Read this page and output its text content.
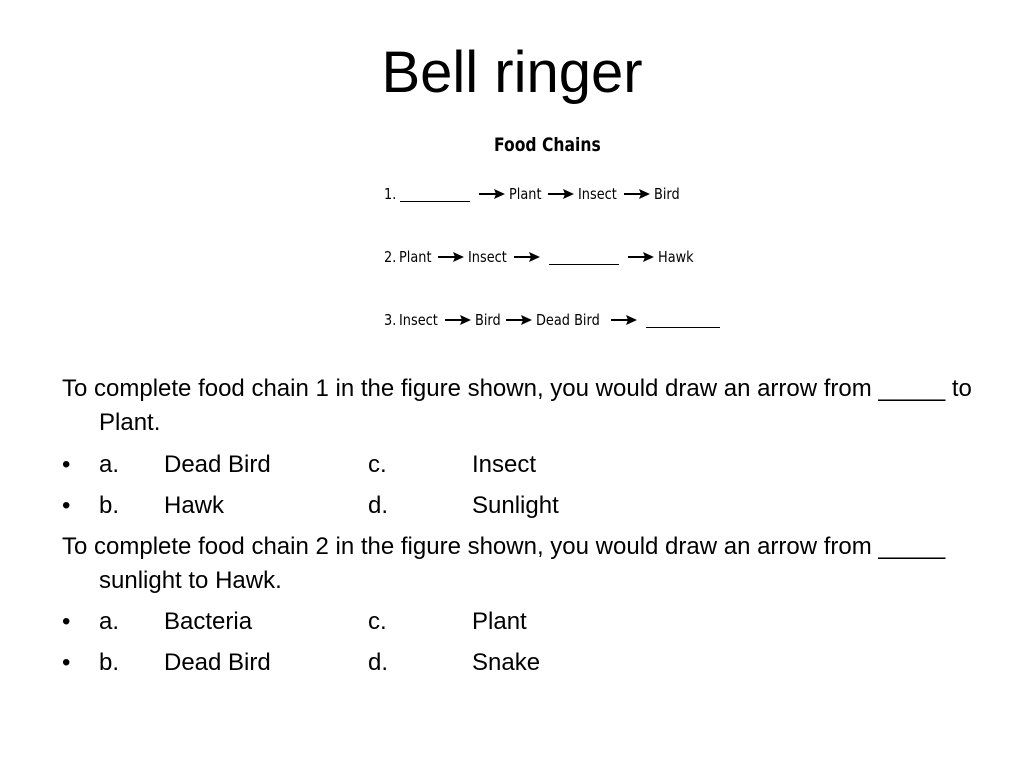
Bell ringer
Food Chains
1.	Plant Insect Bird
2. Plant Insect	Hawk
3. Insect Bird Dead Bird
To complete food chain 1 in the figure shown, you would draw an arrow from _____ to Plant.
• a. Dead Bird	c.	Insect
• b. Hawk	d.	Sunlight
To complete food chain 2 in the figure shown, you would draw an arrow from _____ sunlight to Hawk.
• a. Bacteria	c.	Plant
• b. Dead Bird	d.	Snake
